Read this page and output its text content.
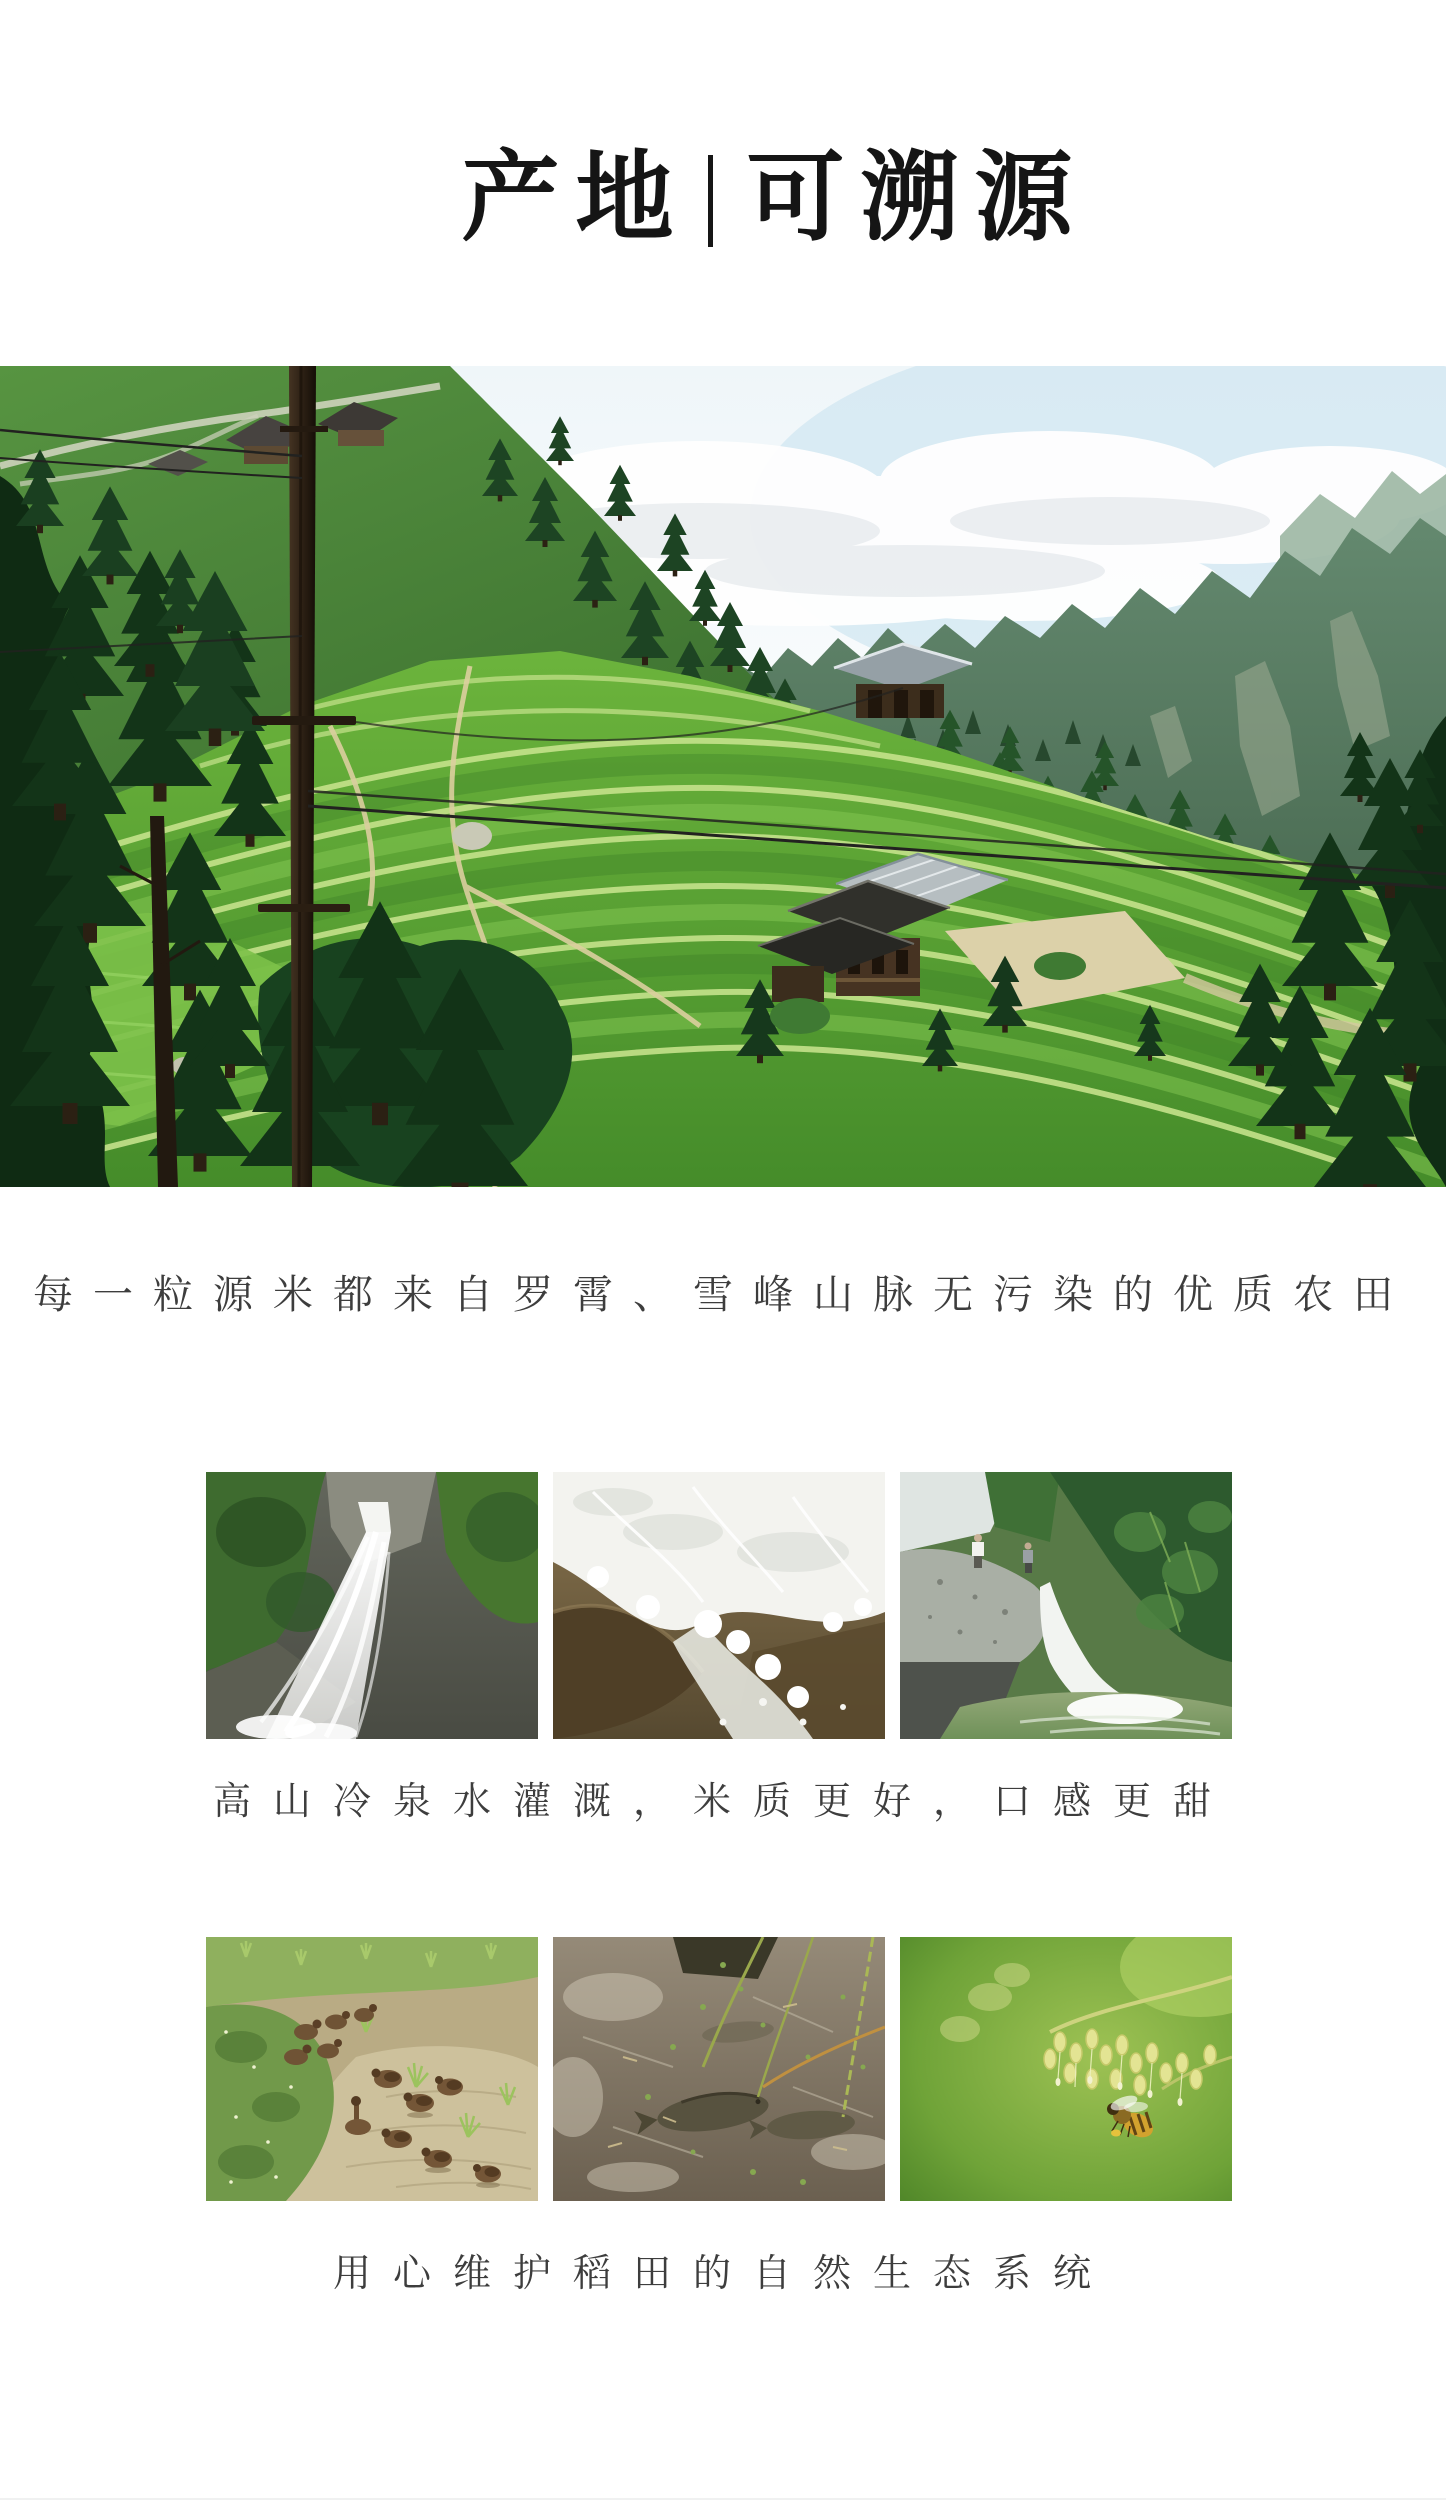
产地 可溯源

每一粒源米都来自罗霄、雪峰山脉无污染的优质农田

高山冷泉水灌溉，米质更好，口感更甜

用心维护稻田的自然生态系统
